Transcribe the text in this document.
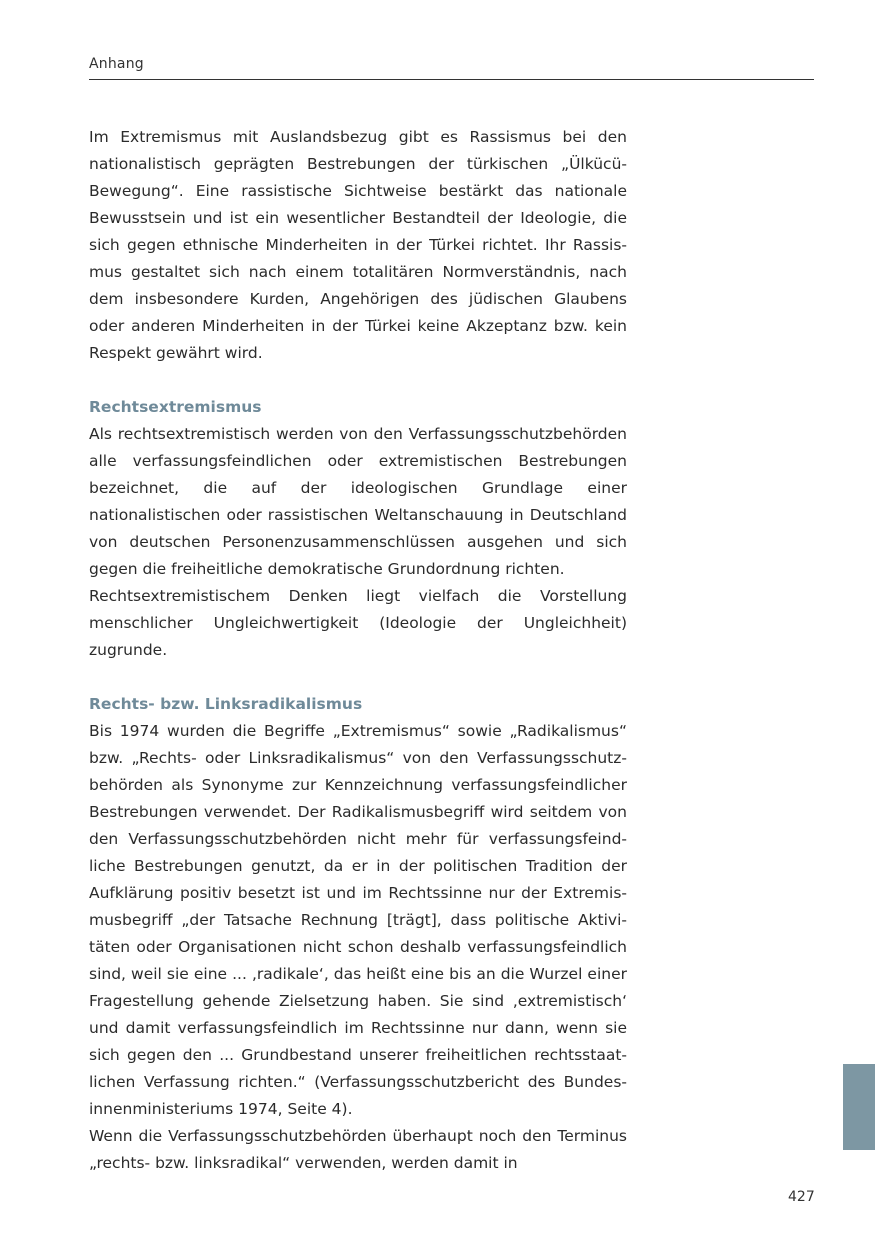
Anhang

Im Extremismus mit Auslandsbezug gibt es Rassismus bei den nationalistisch geprägten Bestrebungen der türkischen „Ülkücü-Bewegung“. Eine rassistische Sichtweise bestärkt das nationale Bewusstsein und ist ein wesentlicher Bestandteil der Ideologie, die sich gegen ethnische Minderheiten in der Türkei richtet. Ihr Rassismus gestaltet sich nach einem totalitären Normverständnis, nach dem insbesondere Kurden, Angehörigen des jüdischen Glaubens oder anderen Minderheiten in der Türkei keine Akzeptanz bzw. kein Respekt gewährt wird.

Rechtsextremismus

Als rechtsextremistisch werden von den Verfassungsschutzbehörden alle verfassungsfeindlichen oder extremistischen Bestrebungen bezeichnet, die auf der ideologischen Grundlage einer nationalistischen oder rassistischen Weltanschauung in Deutschland von deutschen Personenzusammenschlüssen ausgehen und sich gegen die freiheitliche demokratische Grundordnung richten.

Rechtsextremistischem Denken liegt vielfach die Vorstellung menschlicher Ungleichwertigkeit (Ideologie der Ungleichheit) zugrunde.

Rechts- bzw. Linksradikalismus

Bis 1974 wurden die Begriffe „Extremismus“ sowie „Radikalismus“ bzw. „Rechts- oder Linksradikalismus“ von den Verfassungsschutzbehörden als Synonyme zur Kennzeichnung verfassungsfeindlicher Bestrebungen verwendet. Der Radikalismusbegriff wird seitdem von den Verfassungsschutzbehörden nicht mehr für verfassungsfeindliche Bestrebungen genutzt, da er in der politischen Tradition der Aufklärung positiv besetzt ist und im Rechtssinne nur der Extremismusbegriff „der Tatsache Rechnung [trägt], dass politische Aktivitäten oder Organisationen nicht schon deshalb verfassungsfeindlich sind, weil sie eine ... ‚radikale‘, das heißt eine bis an die Wurzel einer Fragestellung gehende Zielsetzung haben. Sie sind ‚extremistisch‘ und damit verfassungsfeindlich im Rechtssinne nur dann, wenn sie sich gegen den ... Grundbestand unserer freiheitlichen rechtsstaatlichen Verfassung richten.“ (Verfassungsschutzbericht des Bundesinnenministeriums 1974, Seite 4).

Wenn die Verfassungsschutzbehörden überhaupt noch den Terminus „rechts- bzw. linksradikal“ verwenden, werden damit in

427
